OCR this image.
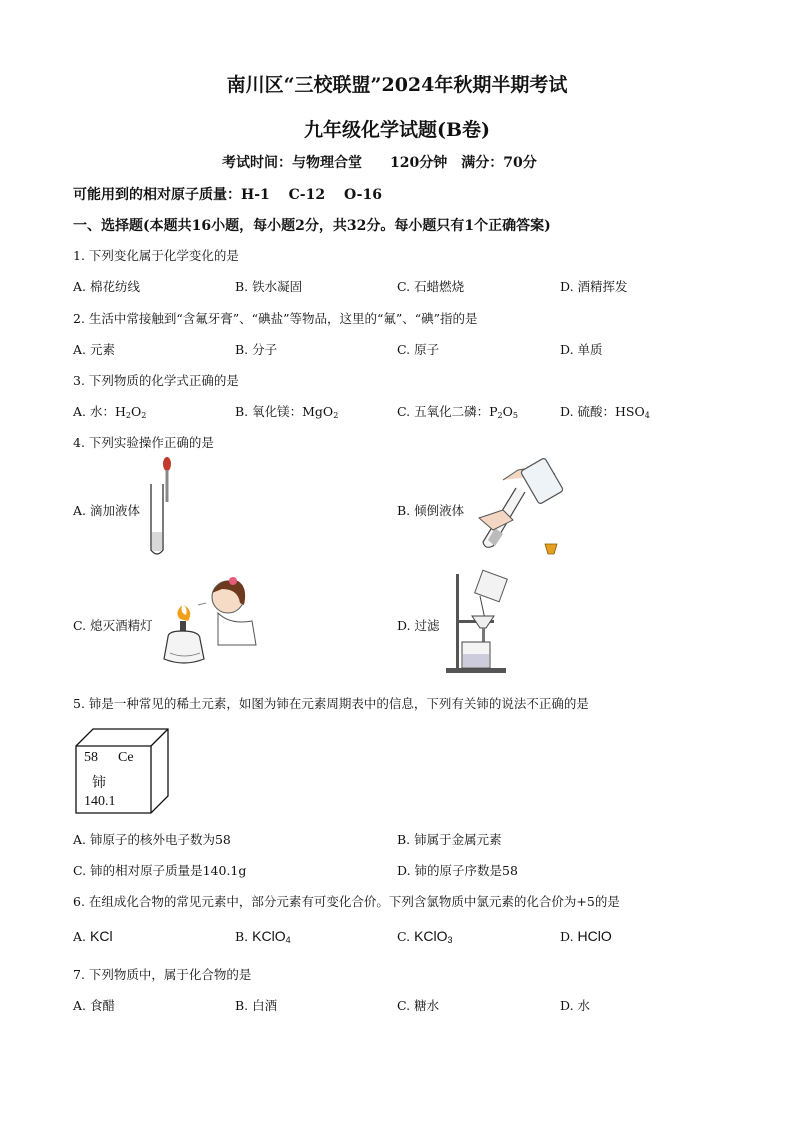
南川区“三校联盟”2024年秋期半期考试
九年级化学试题(B卷)
考试时间：与物理合堂　　120分钟　满分：70分
可能用到的相对原子质量：H-1　 C-12　 O-16
一、选择题(本题共16小题，每小题2分，共32分。每小题只有1个正确答案)
1. 下列变化属于化学变化的是
A. 棉花纺线	B. 铁水凝固	C. 石蜡燃烧	D. 酒精挥发
2. 生活中常接触到“含氟牙膏”、“碘盐”等物品，这里的“氟”、“碘”指的是
A. 元素	B. 分子	C. 原子	D. 单质
3. 下列物质的化学式正确的是
A. 水：$H_2O_2$	B. 氧化镁：MgO$_2$	C. 五氧化二磷：$P_2O_5$	D. 硫酸：$HSO_4$
4. 下列实验操作正确的是
A. 滴加液体	B. 倾倒液体
C. 熄灭酒精灯	D. 过滤
5. 铈是一种常见的稀土元素，如图为铈在元素周期表中的信息，下列有关铈的说法不正确的是
58 Ce
铈
140.1
A. 铈原子的核外电子数为58	B. 铈属于金属元素
C. 铈的相对原子质量是140.1g	D. 铈的原子序数是58
6. 在组成化合物的常见元素中，部分元素有可变化合价。下列含氯物质中氯元素的化合价为+5的是
A. KCl	B. KClO$_4$	C. KClO$_3$	D. HClO
7. 下列物质中，属于化合物的是
A. 食醋	B. 白酒	C. 糖水	D. 水
